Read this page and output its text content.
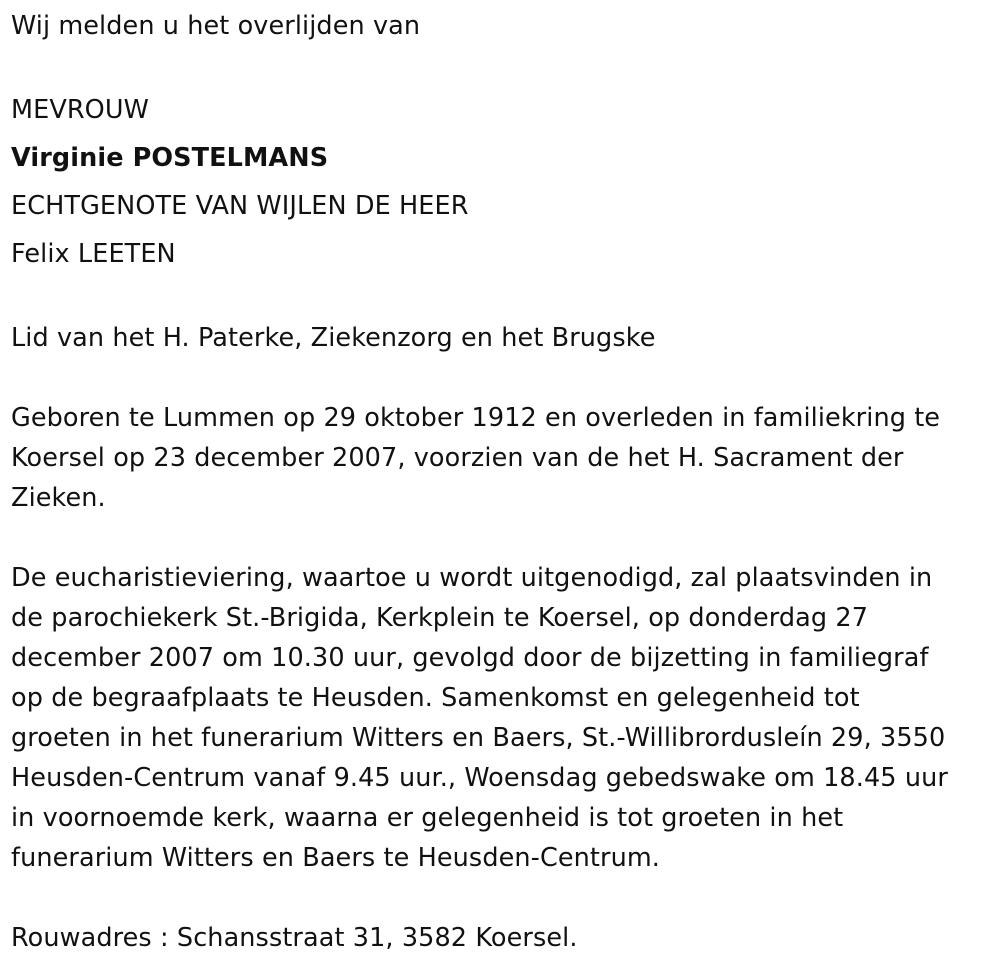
Wij melden u het overlijden van

MEVROUW

Virginie POSTELMANS

ECHTGENOTE VAN WIJLEN DE HEER

Felix LEETEN

Lid van het H. Paterke, Ziekenzorg en het Brugske

Geboren te Lummen op 29 oktober 1912 en overleden in familiekring te

Koersel op 23 december 2007, voorzien van de het H. Sacrament der

Zieken.

De eucharistieviering, waartoe u wordt uitgenodigd, zal plaatsvinden in

de parochiekerk St.-Brigida, Kerkplein te Koersel, op donderdag 27

december 2007 om 10.30 uur, gevolgd door de bijzetting in familiegraf

op de begraafplaats te Heusden. Samenkomst en gelegenheid tot

groeten in het funerarium Witters en Baers, St.-Willibrordusleín 29, 3550

Heusden-Centrum vanaf 9.45 uur., Woensdag gebedswake om 18.45 uur

in voornoemde kerk, waarna er gelegenheid is tot groeten in het

funerarium Witters en Baers te Heusden-Centrum.

Rouwadres : Schansstraat 31, 3582 Koersel.
